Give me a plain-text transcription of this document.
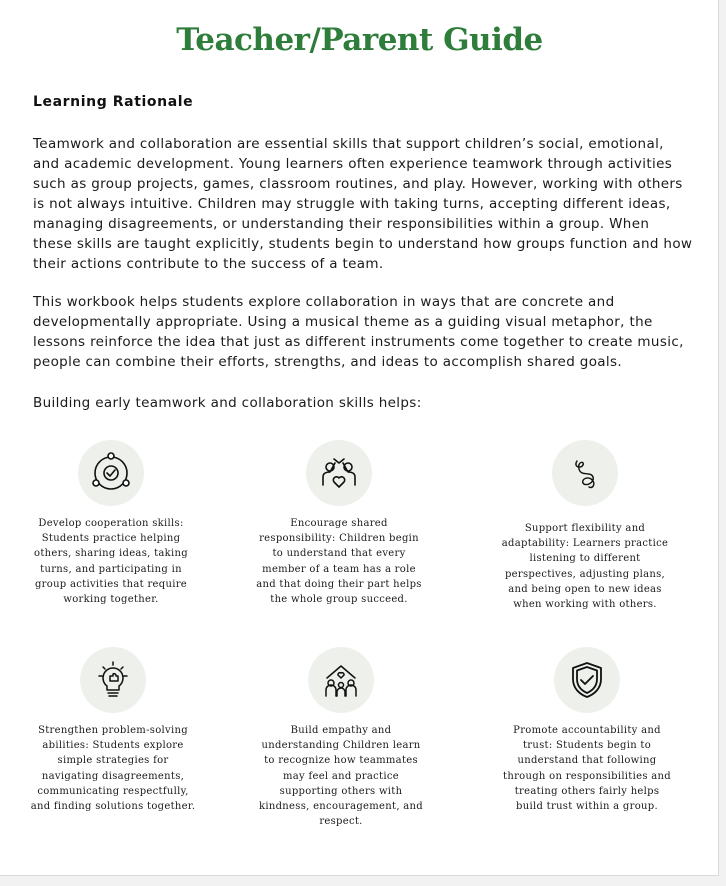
Teacher/Parent Guide
Learning Rationale

Teamwork and collaboration are essential skills that support children’s social, emotional, and academic development. Young learners often experience teamwork through activities such as group projects, games, classroom routines, and play. However, working with others is not always intuitive. Children may struggle with taking turns, accepting different ideas, managing disagreements, or understanding their responsibilities within a group. When these skills are taught explicitly, students begin to understand how groups function and how their actions contribute to the success of a team.

This workbook helps students explore collaboration in ways that are concrete and developmentally appropriate. Using a musical theme as a guiding visual metaphor, the lessons reinforce the idea that just as different instruments come together to create music, people can combine their efforts, strengths, and ideas to accomplish shared goals.

Building early teamwork and collaboration skills helps:

Develop cooperation skills: Students practice helping others, sharing ideas, taking turns, and participating in group activities that require working together.
Encourage shared responsibility: Children begin to understand that every member of a team has a role and that doing their part helps the whole group succeed.
Support flexibility and adaptability: Learners practice listening to different perspectives, adjusting plans, and being open to new ideas when working with others.
Strengthen problem-solving abilities: Students explore simple strategies for navigating disagreements, communicating respectfully, and finding solutions together.
Build empathy and understanding Children learn to recognize how teammates may feel and practice supporting others with kindness, encouragement, and respect.
Promote accountability and trust: Students begin to understand that following through on responsibilities and treating others fairly helps build trust within a group.
